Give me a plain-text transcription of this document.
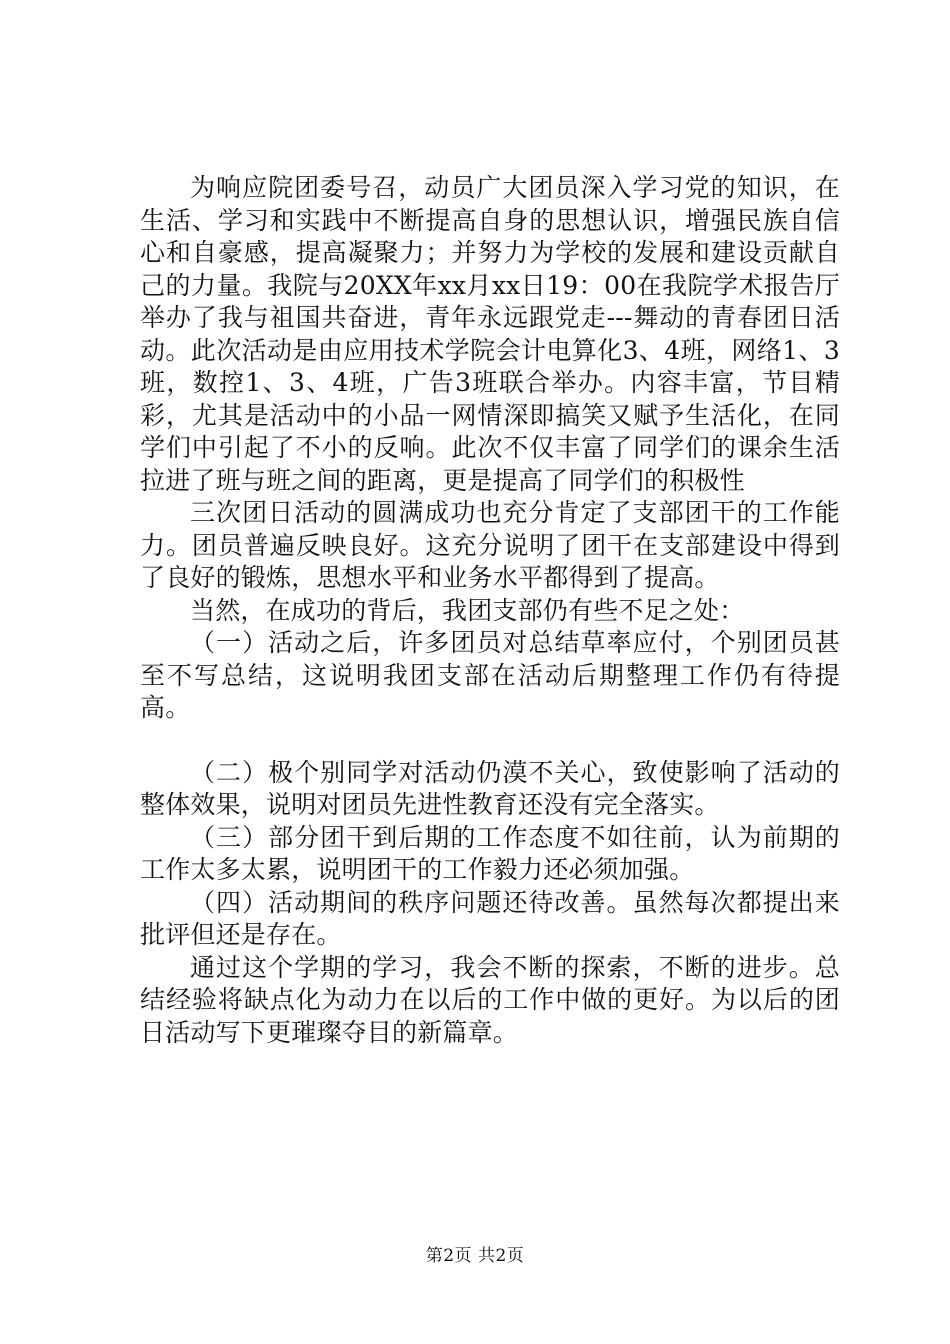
为响应院团委号召，动员广大团员深入学习党的知识，在生活、学习和实践中不断提高自身的思想认识，增强民族自信心和自豪感，提高凝聚力；并努力为学校的发展和建设贡献自己的力量。我院与20XX年xx月xx日19：00在我院学术报告厅举办了我与祖国共奋进，青年永远跟党走---舞动的青春团日活动。此次活动是由应用技术学院会计电算化3、4班，网络1、3班，数控1、3、4班，广告3班联合举办。内容丰富，节目精彩，尤其是活动中的小品一网情深即搞笑又赋予生活化，在同学们中引起了不小的反响。此次不仅丰富了同学们的课余生活拉进了班与班之间的距离，更是提高了同学们的积极性

三次团日活动的圆满成功也充分肯定了支部团干的工作能力。团员普遍反映良好。这充分说明了团干在支部建设中得到了良好的锻炼，思想水平和业务水平都得到了提高。

当然，在成功的背后，我团支部仍有些不足之处：

（一）活动之后，许多团员对总结草率应付，个别团员甚至不写总结，这说明我团支部在活动后期整理工作仍有待提高。

（二）极个别同学对活动仍漠不关心，致使影响了活动的整体效果，说明对团员先进性教育还没有完全落实。

（三）部分团干到后期的工作态度不如往前，认为前期的工作太多太累，说明团干的工作毅力还必须加强。

（四）活动期间的秩序问题还待改善。虽然每次都提出来批评但还是存在。

通过这个学期的学习，我会不断的探索，不断的进步。总结经验将缺点化为动力在以后的工作中做的更好。为以后的团日活动写下更璀璨夺目的新篇章。

第2页 共2页
